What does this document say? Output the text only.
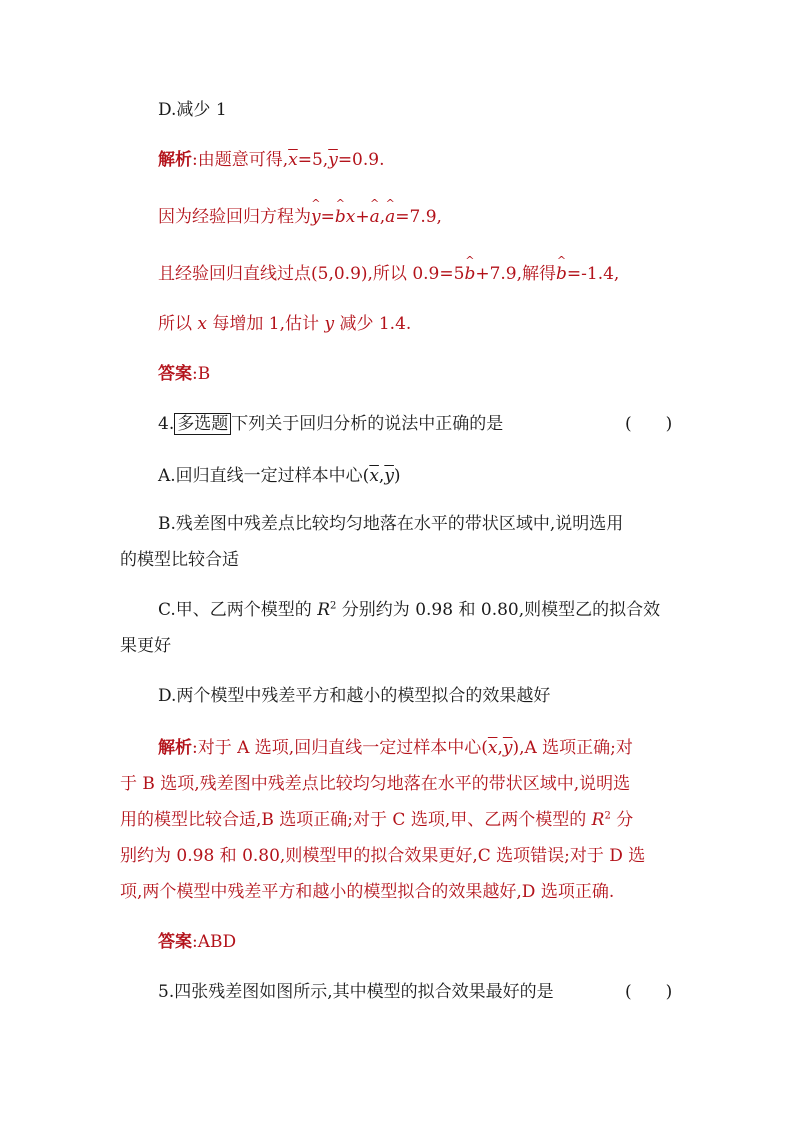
D.减少 1
解析:由题意可得$,\overline{x}=5,\overline{y}=0.9$.
因为经验回归方程为^ y=^ bx+^ a,^ a=7.9,
且经验回归直线过点(5,0.9),所以 0.9=5^ b+7.9,解得^ b=-1.4,
所以 x 每增加 1,估计 y 减少 1.4.
答案:B
4. 多选题 下列关于回归分析的说法中正确的是	(　　)
A.回归直线一定过样本中心$(\overline{x},\overline{y})$
B.残差图中残差点比较均匀地落在水平的带状区域中,说明选用
的模型比较合适
C.甲、乙两个模型的 $R^2$ 分别约为 0.98 和 0.80,则模型乙的拟合效
果更好
D.两个模型中残差平方和越小的模型拟合的效果越好
解析:对于 A 选项,回归直线一定过样本中心$(\overline{x},\overline{y}),A$ 选项正确;对
于 B 选项,残差图中残差点比较均匀地落在水平的带状区域中,说明选
用的模型比较合适,B 选项正确;对于 C 选项,甲、乙两个模型的 $R^2$ 分
别约为 0.98 和 0.80,则模型甲的拟合效果更好,C 选项错误;对于 D 选
项,两个模型中残差平方和越小的模型拟合的效果越好,D 选项正确.
答案:ABD
5.四张残差图如图所示,其中模型的拟合效果最好的是	(　　)
